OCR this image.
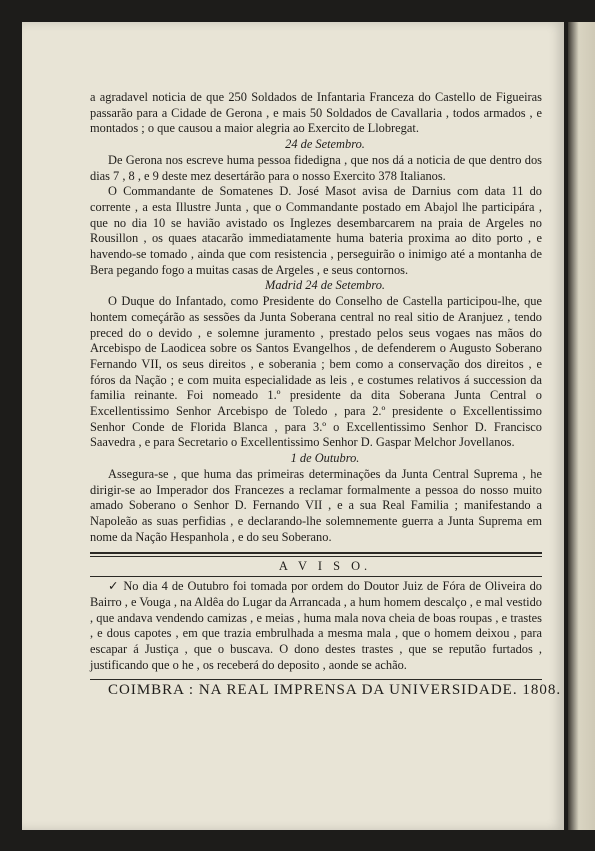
a agradavel noticia de que 250 Soldados de Infantaria Franceza do Castello de Figueiras passarão para a Cidade de Gerona , e mais 50 Soldados de Cavallaria , todos armados , e montados ; o que causou a maior alegria ao Exercito de Llobregat.

24 de Setembro.

De Gerona nos escreve huma pessoa fidedigna , que nos dá a noticia de que dentro dos dias 7 , 8 , e 9 deste mez desertárão para o nosso Exercito 378 Italianos.

O Commandante de Somatenes D. José Masot avisa de Darnius com data 11 do corrente , a esta Illustre Junta , que o Commandante postado em Abajol lhe participára , que no dia 10 se havião avistado os Inglezes desembarcarem na praia de Argeles no Rousillon , os quaes atacarão immediatamente huma bateria proxima ao dito porto , e havendo-se tomado , ainda que com resistencia , perseguirão o inimigo até a montanha de Bera pegando fogo a muitas casas de Argeles , e seus contornos.

Madrid 24 de Setembro.

O Duque do Infantado, como Presidente do Conselho de Castella participou-lhe, que hontem começárão as sessões da Junta Soberana central no real sitio de Aranjuez , tendo preced do o devido , e solemne juramento , prestado pelos seus vogaes nas mãos do Arcebispo de Laodicea sobre os Santos Evangelhos , de defenderem o Augusto Soberano Fernando VII, os seus direitos , e soberania ; bem como a conservação dos direitos , e fóros da Nação ; e com muita especialidade as leis , e costumes relativos á succession da familia reinante. Foi nomeado 1.º presidente da dita Soberana Junta Central o Excellentissimo Senhor Arcebispo de Toledo , para 2.º presidente o Excellentissimo Senhor Conde de Florida Blanca , para 3.º o Excellentissimo Senhor D. Francisco Saavedra , e para Secretario o Excellentissimo Senhor D. Gaspar Melchor Jovellanos.

1 de Outubro.

Assegura-se , que huma das primeiras determinações da Junta Central Suprema , he dirigir-se ao Imperador dos Francezes a reclamar formalmente a pessoa do nosso muito amado Soberano o Senhor D. Fernando VII , e a sua Real Familia ; manifestando a Napoleão as suas perfidias , e declarando-lhe solemnemente guerra a Junta Suprema em nome da Nação Hespanhola , e do seu Soberano.

A V I S O.

✓ No dia 4 de Outubro foi tomada por ordem do Doutor Juiz de Fóra de Oliveira do Bairro , e Vouga , na Aldêa do Lugar da Arrancada , a hum homem descalço , e mal vestido , que andava vendendo camizas , e meias , huma mala nova cheia de boas roupas , e trastes , e dous capotes , em que trazia embrulhada a mesma mala , que o homem deixou , para escapar á Justiça , que o buscava. O dono destes trastes , que se reputão furtados , justificando que o he , os receberá do deposito , aonde se achão.

COIMBRA : NA REAL IMPRENSA DA UNIVERSIDADE. 1808.
